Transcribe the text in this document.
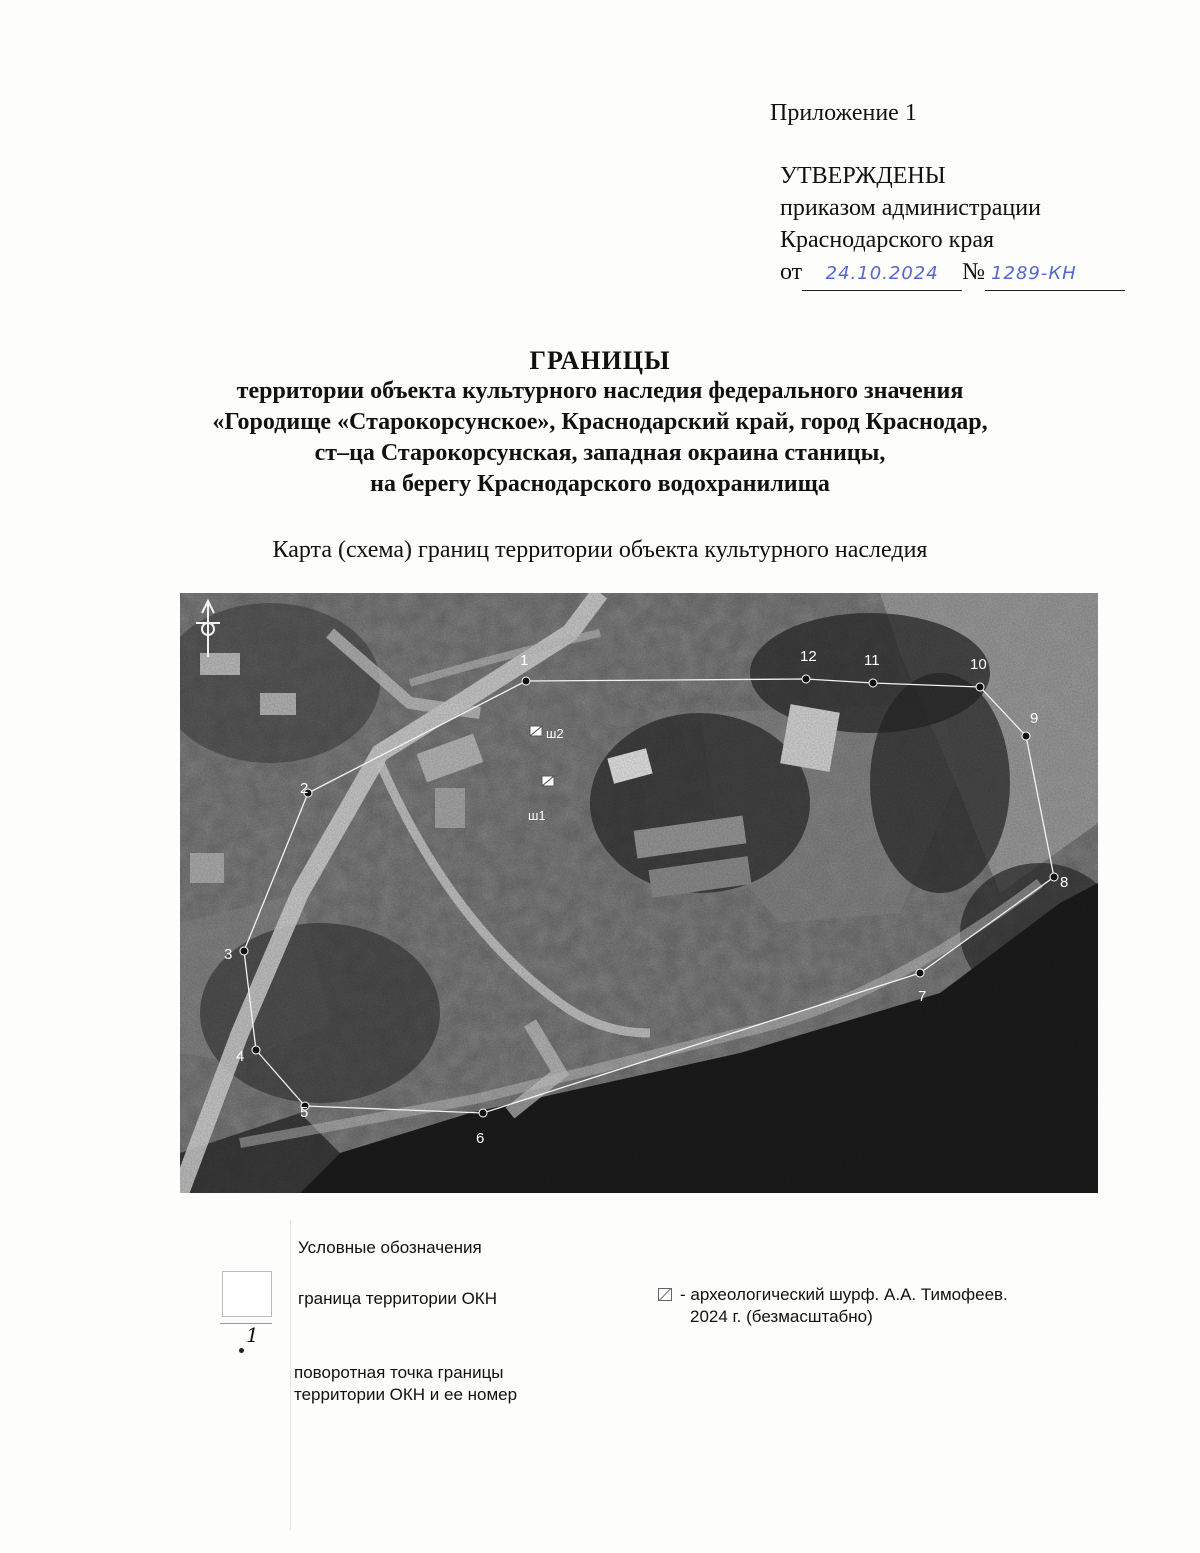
Приложение 1
УТВЕРЖДЕНЫ
приказом администрации
Краснодарского края
от 24.10.2024 № 1289-КН
ГРАНИЦЫ
территории объекта культурного наследия федерального значения
«Городище «Старокорсунское», Краснодарский край, город Краснодар,
ст–ца Старокорсунская, западная окраина станицы,
на берегу Краснодарского водохранилища
Карта (схема) границ территории объекта культурного наследия
1
2
3
4
5
6
7
8
9
10
11
12
ш2
ш1
Условные обозначения
граница территории ОКН
1
поворотная точка границы
территории ОКН и ее номер
- археологический шурф. А.А. Тимофеев.
2024 г. (безмасштабно)
